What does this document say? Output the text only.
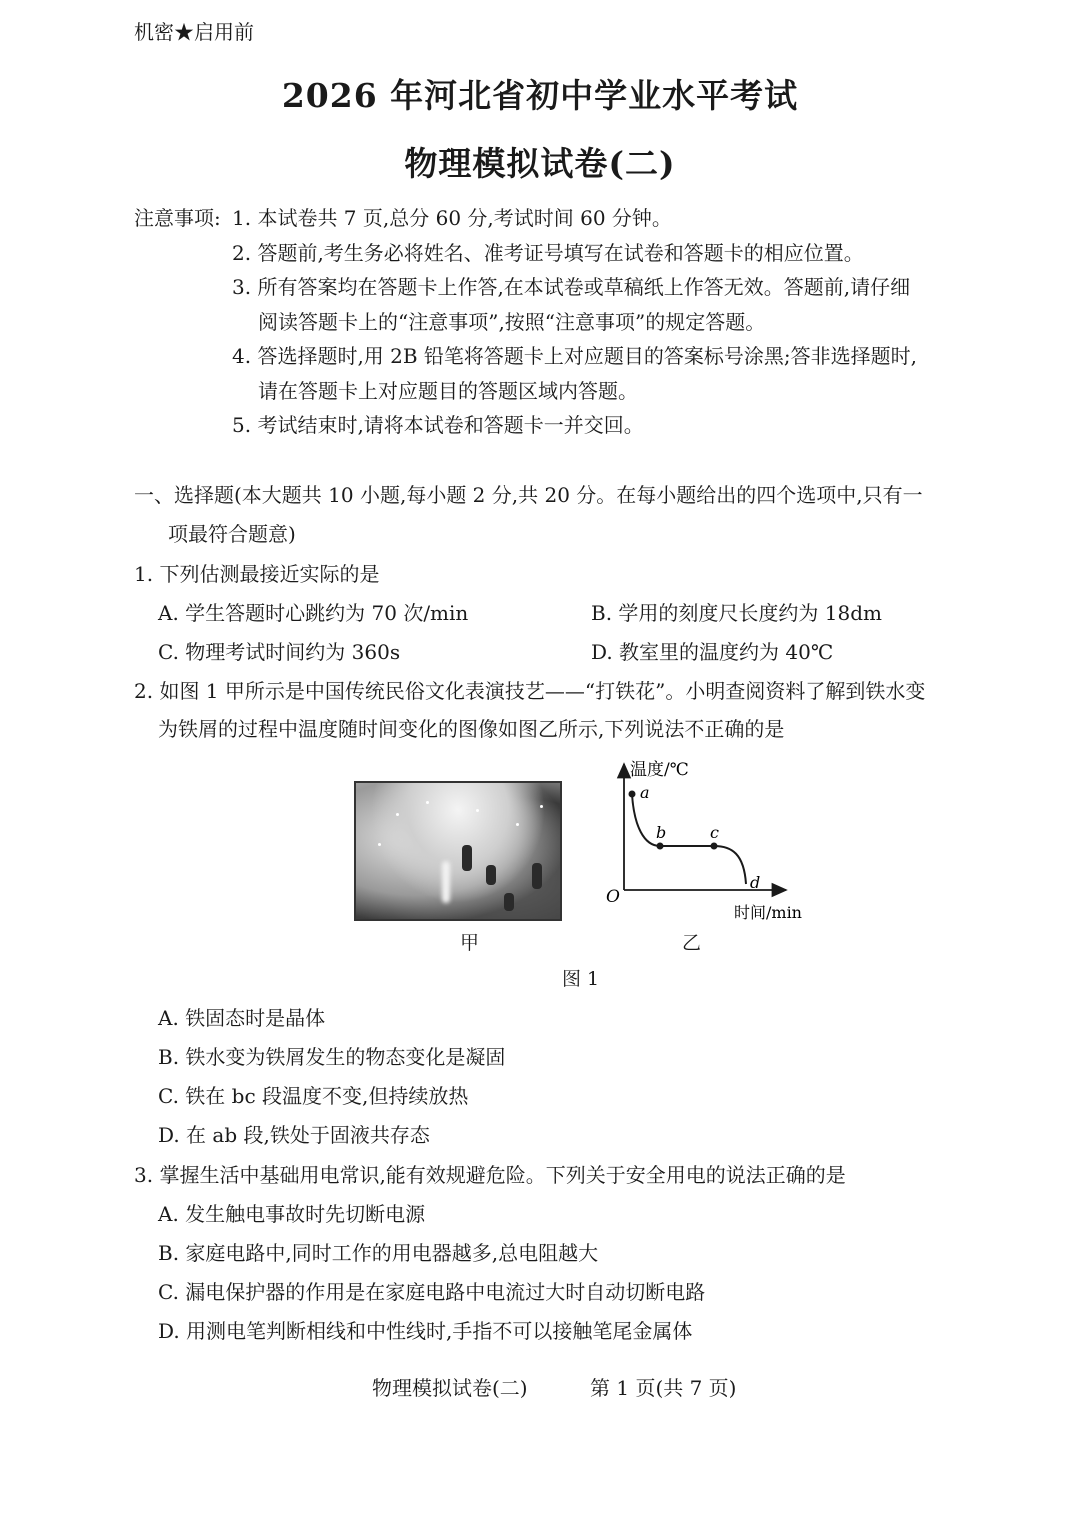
机密★启用前
2026 年河北省初中学业水平考试
物理模拟试卷(二)
注意事项: 1. 本试卷共 7 页,总分 60 分,考试时间 60 分钟。
2. 答题前,考生务必将姓名、准考证号填写在试卷和答题卡的相应位置。
3. 所有答案均在答题卡上作答,在本试卷或草稿纸上作答无效。答题前,请仔细
阅读答题卡上的“注意事项”,按照“注意事项”的规定答题。
4. 答选择题时,用 2B 铅笔将答题卡上对应题目的答案标号涂黑;答非选择题时,
请在答题卡上对应题目的答题区域内答题。
5. 考试结束时,请将本试卷和答题卡一并交回。
一、选择题(本大题共 10 小题,每小题 2 分,共 20 分。在每小题给出的四个选项中,只有一
项最符合题意)
1. 下列估测最接近实际的是
A. 学生答题时心跳约为 70 次/min	B. 学用的刻度尺长度约为 18dm
C. 物理考试时间约为 360s	D. 教室里的温度约为 40℃
2. 如图 1 甲所示是中国传统民俗文化表演技艺——“打铁花”。小明查阅资料了解到铁水变
为铁屑的过程中温度随时间变化的图像如图乙所示,下列说法不正确的是
甲
温度/℃
时间/min
O
a
b	c
d
乙
图 1
A. 铁固态时是晶体
B. 铁水变为铁屑发生的物态变化是凝固
C. 铁在 bc 段温度不变,但持续放热
D. 在 ab 段,铁处于固液共存态
3. 掌握生活中基础用电常识,能有效规避危险。下列关于安全用电的说法正确的是
A. 发生触电事故时先切断电源
B. 家庭电路中,同时工作的用电器越多,总电阻越大
C. 漏电保护器的作用是在家庭电路中电流过大时自动切断电路
D. 用测电笔判断相线和中性线时,手指不可以接触笔尾金属体
物理模拟试卷(二)	第 1 页(共 7 页)
